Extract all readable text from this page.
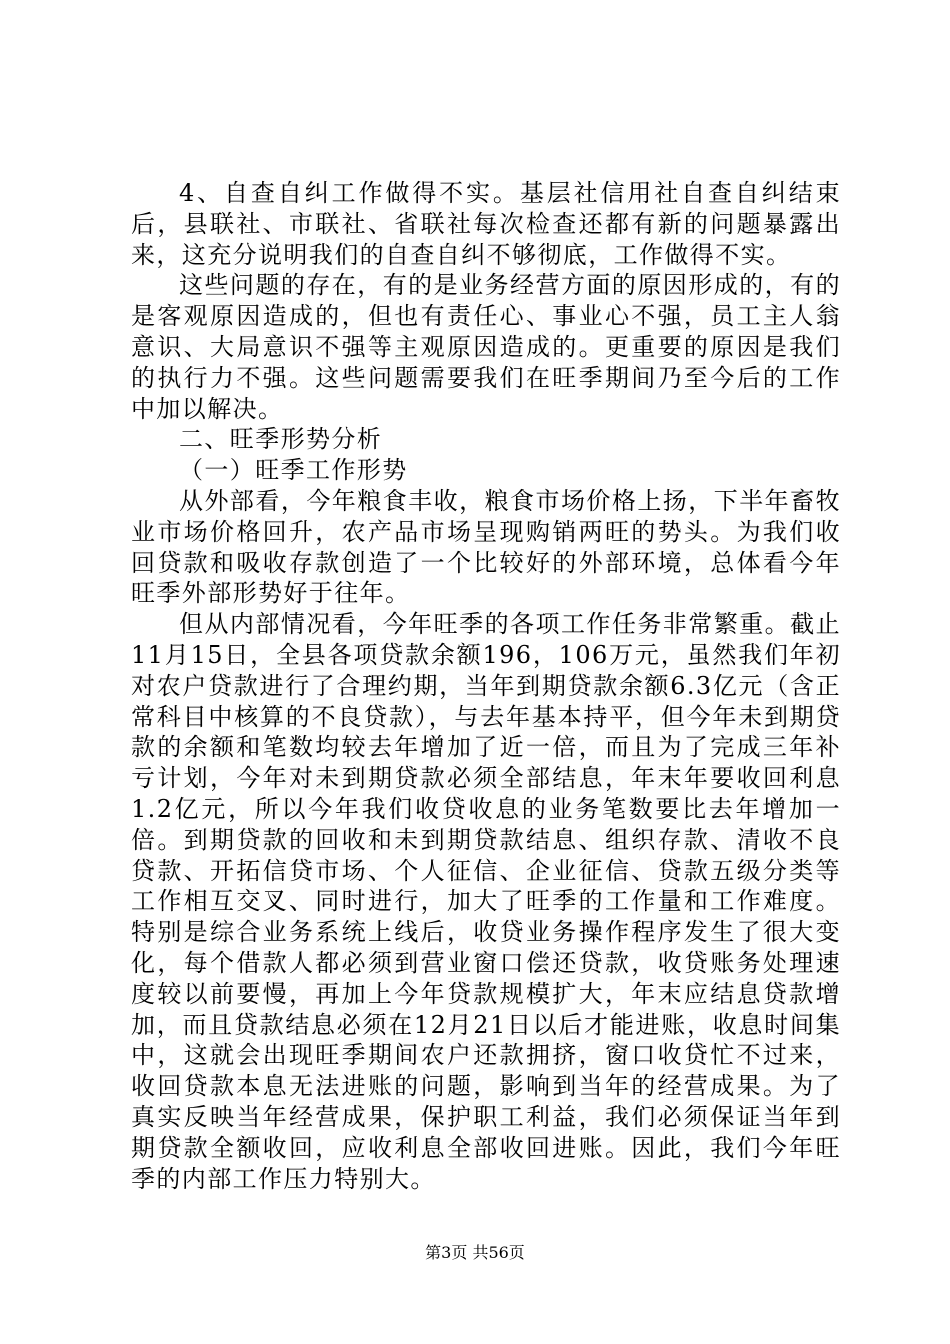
4、自查自纠工作做得不实。基层社信用社自查自纠结束后，县联社、市联社、省联社每次检查还都有新的问题暴露出来，这充分说明我们的自查自纠不够彻底，工作做得不实。

这些问题的存在，有的是业务经营方面的原因形成的，有的是客观原因造成的，但也有责任心、事业心不强，员工主人翁意识、大局意识不强等主观原因造成的。更重要的原因是我们的执行力不强。这些问题需要我们在旺季期间乃至今后的工作中加以解决。

二、旺季形势分析

（一）旺季工作形势

从外部看，今年粮食丰收，粮食市场价格上扬，下半年畜牧业市场价格回升，农产品市场呈现购销两旺的势头。为我们收回贷款和吸收存款创造了一个比较好的外部环境，总体看今年旺季外部形势好于往年。

但从内部情况看，今年旺季的各项工作任务非常繁重。截止11月15日，全县各项贷款余额196，106万元，虽然我们年初对农户贷款进行了合理约期，当年到期贷款余额6.3亿元（含正常科目中核算的不良贷款），与去年基本持平，但今年未到期贷款的余额和笔数均较去年增加了近一倍，而且为了完成三年补亏计划，今年对未到期贷款必须全部结息，年末年要收回利息1.2亿元，所以今年我们收贷收息的业务笔数要比去年增加一倍。到期贷款的回收和未到期贷款结息、组织存款、清收不良贷款、开拓信贷市场、个人征信、企业征信、贷款五级分类等工作相互交叉、同时进行，加大了旺季的工作量和工作难度。特别是综合业务系统上线后，收贷业务操作程序发生了很大变化，每个借款人都必须到营业窗口偿还贷款，收贷账务处理速度较以前要慢，再加上今年贷款规模扩大，年末应结息贷款增加，而且贷款结息必须在12月21日以后才能进账，收息时间集中，这就会出现旺季期间农户还款拥挤，窗口收贷忙不过来，收回贷款本息无法进账的问题，影响到当年的经营成果。为了真实反映当年经营成果，保护职工利益，我们必须保证当年到期贷款全额收回，应收利息全部收回进账。因此，我们今年旺季的内部工作压力特别大。

第3页 共56页
